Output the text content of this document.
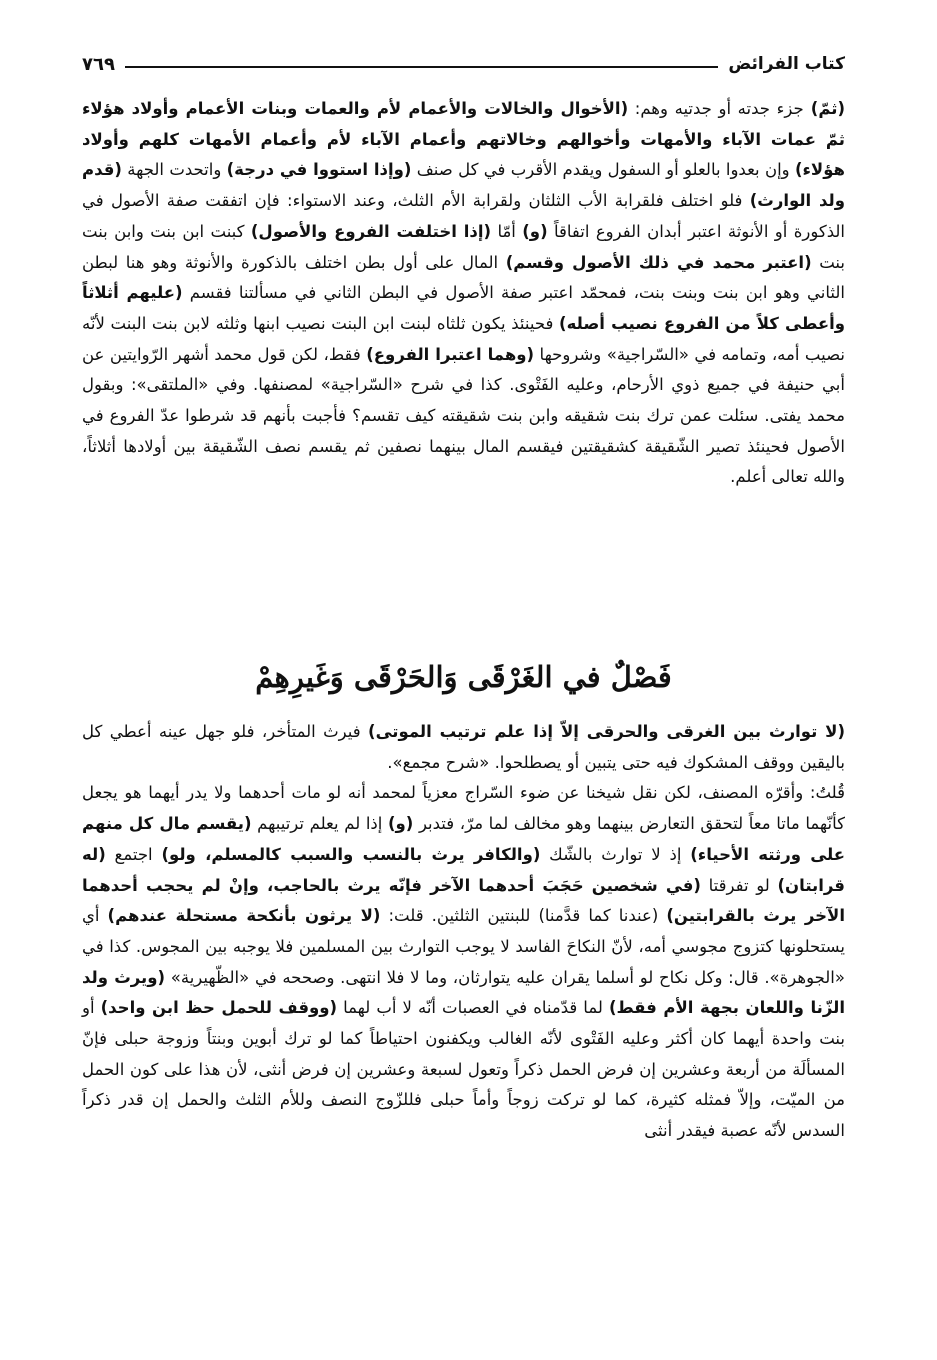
كتاب الفرائض
٧٦٩

(ثمّ) جزء جدته أو جدتيه وهم: (الأخوال والخالات والأعمام لأم والعمات وبنات الأعمام وأولاد هؤلاء ثمّ عمات الآباء والأمهات وأخوالهم وخالاتهم وأعمام الآباء لأم وأعمام الأمهات كلهم وأولاد هؤلاء) وإن بعدوا بالعلو أو السفول ويقدم الأقرب في كل صنف (وإذا استووا في درجة) واتحدت الجهة (قدم ولد الوارث) فلو اختلف فلقرابة الأب الثلثان ولقرابة الأم الثلث، وعند الاستواء: فإن اتفقت صفة الأصول في الذكورة أو الأنوثة اعتبر أبدان الفروع اتفاقاً (و) أمّا (إذا اختلفت الفروع والأصول) كبنت ابن بنت وابن بنت بنت (اعتبر محمد في ذلك الأصول وقسم) المال على أول بطن اختلف بالذكورة والأنوثة وهو هنا لبطن الثاني وهو ابن بنت وبنت بنت، فمحمّد اعتبر صفة الأصول في البطن الثاني في مسألتنا فقسم (عليهم أثلاثاً وأعطى كلاً من الفروع نصيب أصله) فحينئذ يكون ثلثاه لبنت ابن البنت نصيب ابنها وثلثه لابن بنت البنت لأنّه نصيب أمه، وتمامه في «السّراجية» وشروحها (وهما اعتبرا الفروع) فقط، لكن قول محمد أشهر الرّوايتين عن أبي حنيفة في جميع ذوي الأرحام، وعليه الفَتْوى. كذا في شرح «السّراجية» لمصنفها. وفي «الملتقى»: وبقول محمد يفتى. سئلت عمن ترك بنت شقيقه وابن بنت شقيقته كيف تقسم؟ فأجبت بأنهم قد شرطوا عدّ الفروع في الأصول فحينئذ تصير الشّقيقة كشقيقتين فيقسم المال بينهما نصفين ثم يقسم نصف الشّقيقة بين أولادها أثلاثاً، والله تعالى أعلم.

فَصْلٌ في الغَرْقَى وَالحَرْقَى وَغَيرِهِمْ

(لا توارث بين الغرقى والحرقى إلاّ إذا علم ترتيب الموتى) فيرث المتأخر، فلو جهل عينه أعطي كل باليقين ووقف المشكوك فيه حتى يتبين أو يصطلحوا. «شرح مجمع».

قُلتُ: وأقرّه المصنف، لكن نقل شيخنا عن ضوء السّراج معزياً لمحمد أنه لو مات أحدهما ولا يدر أيهما هو يجعل كأنّهما ماتا معاً لتحقق التعارض بينهما وهو مخالف لما مرّ، فتدبر (و) إذا لم يعلم ترتيبهم (يقسم مال كل منهم على ورثته الأحياء) إذ لا توارث بالشّك (والكافر يرث بالنسب والسبب كالمسلم، ولو) اجتمع (له قرابتان) لو تفرقتا (في شخصين حَجَبَ أحدهما الآخر فإنّه يرث بالحاجب، وإنْ لم يحجب أحدهما الآخر يرث بالقرابتين) (عندنا كما قدَّمنا) للبنتين الثلثين. قلت: (لا يرثون بأنكحة مستحلة عندهم) أي يستحلونها كتزوج مجوسي أمه، لأنّ النكاحَ الفاسد لا يوجب التوارث بين المسلمين فلا يوجبه بين المجوس. كذا في «الجوهرة». قال: وكل نكاح لو أسلما يقران عليه يتوارثان، وما لا فلا انتهى. وصححه في «الظّهيرية» (ويرث ولد الزّنا واللعان بجهة الأم فقط) لما قدّمناه في العصبات أنّه لا أب لهما (ووقف للحمل حظ ابن واحد) أو بنت واحدة أيهما كان أكثر وعليه الفَتْوى لأنّه الغالب ويكفنون احتياطاً كما لو ترك أبوين وبنتاً وزوجة حبلى فإنّ المسألَة من أربعة وعشرين إن فرض الحمل ذكراً وتعول لسبعة وعشرين إن فرض أنثى، لأن هذا على كون الحمل من الميّت، وإلاّ فمثله كثيرة، كما لو تركت زوجاً وأماً حبلى فللزّوج النصف وللأم الثلث والحمل إن قدر ذكراً السدس لأنّه عصبة فيقدر أنثى
